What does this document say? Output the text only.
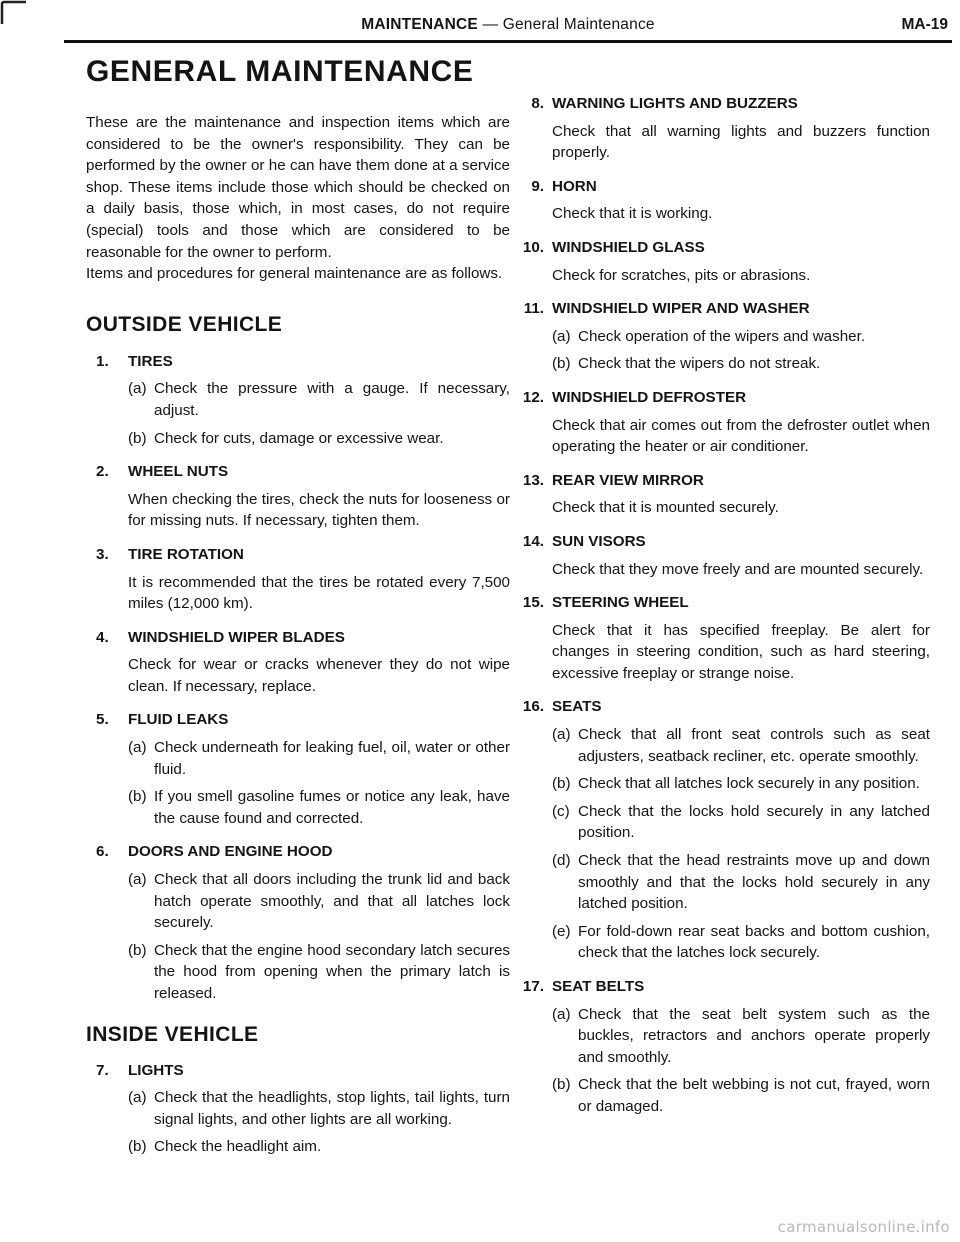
MAINTENANCE — General Maintenance	MA-19
GENERAL MAINTENANCE

These are the maintenance and inspection items which are considered to be the owner's responsibility. They can be performed by the owner or he can have them done at a service shop. These items include those which should be checked on a daily basis, those which, in most cases, do not require (special) tools and those which are considered to be reasonable for the owner to perform.

Items and procedures for general maintenance are as follows.

OUTSIDE VEHICLE
1.	TIRES
(a) Check the pressure with a gauge. If necessary, adjust.
(b) Check for cuts, damage or excessive wear.
2.	WHEEL NUTS

When checking the tires, check the nuts for looseness or for missing nuts. If necessary, tighten them.

3.	TIRE ROTATION

It is recommended that the tires be rotated every 7,500 miles (12,000 km).

4.	WINDSHIELD WIPER BLADES

Check for wear or cracks whenever they do not wipe clean. If necessary, replace.

5.	FLUID LEAKS
(a) Check underneath for leaking fuel, oil, water or other fluid.
(b) If you smell gasoline fumes or notice any leak, have the cause found and corrected.
6.	DOORS AND ENGINE HOOD
(a) Check that all doors including the trunk lid and back hatch operate smoothly, and that all latches lock securely.
(b) Check that the engine hood secondary latch secures the hood from opening when the primary latch is released.
INSIDE VEHICLE
7.	LIGHTS
(a) Check that the headlights, stop lights, tail lights, turn signal lights, and other lights are all working.
(b) Check the headlight aim.
8. WARNING LIGHTS AND BUZZERS

Check that all warning lights and buzzers function properly.

9. HORN

Check that it is working.

10. WINDSHIELD GLASS

Check for scratches, pits or abrasions.

11. WINDSHIELD WIPER AND WASHER
(a) Check operation of the wipers and washer.
(b) Check that the wipers do not streak.
12. WINDSHIELD DEFROSTER

Check that air comes out from the defroster outlet when operating the heater or air conditioner.

13. REAR VIEW MIRROR

Check that it is mounted securely.

14. SUN VISORS

Check that they move freely and are mounted securely.

15. STEERING WHEEL

Check that it has specified freeplay. Be alert for changes in steering condition, such as hard steering, excessive freeplay or strange noise.

16. SEATS
(a) Check that all front seat controls such as seat adjusters, seatback recliner, etc. operate smoothly.
(b) Check that all latches lock securely in any position.
(c) Check that the locks hold securely in any latched position.
(d) Check that the head restraints move up and down smoothly and that the locks hold securely in any latched position.
(e) For fold-down rear seat backs and bottom cushion, check that the latches lock securely.
17. SEAT BELTS
(a) Check that the seat belt system such as the buckles, retractors and anchors operate properly and smoothly.
(b) Check that the belt webbing is not cut, frayed, worn or damaged.
carmanualsonline.info
